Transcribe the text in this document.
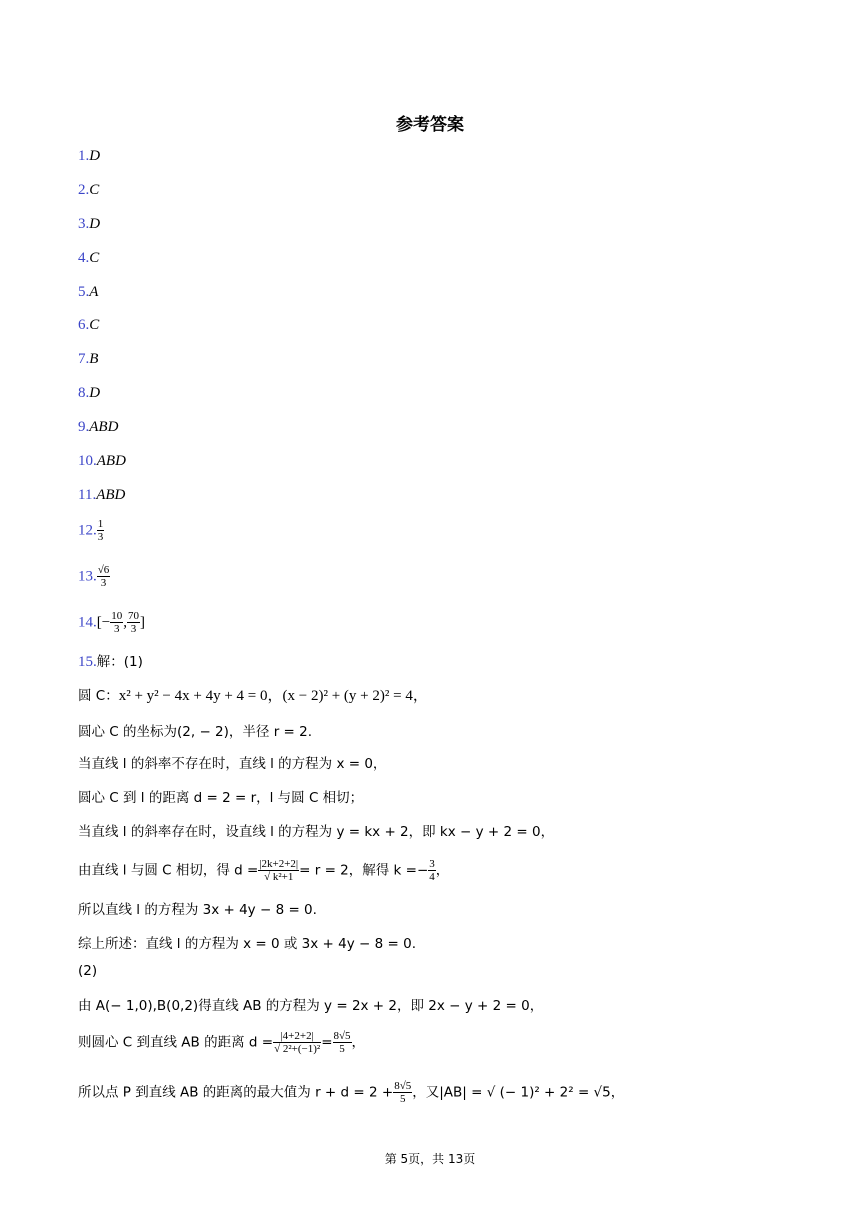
参考答案
1.D
2.C
3.D
4.C
5.A
6.C
7.B
8.D
9.ABD
10.ABD
11.ABD
12. $\frac{1}{3}$
13. $\frac{√6}{3}$
$14.[- \frac{10}{3}$ , $\frac{70}{3}$ ]
15.解：(1)
圆 C：x² + y² − 4x + 4y + 4 = 0，(x − 2)² + (y + 2)² = 4，
圆心 C 的坐标为(2, − 2)，半径 r = 2.
当直线 l 的斜率不存在时，直线 l 的方程为 x = 0，
圆心 C 到 l 的距离 d = 2 = r，l 与圆 C 相切；
当直线 l 的斜率存在时，设直线 l 的方程为 y = kx + 2，即 kx − y + 2 = 0，
由直线 l 与圆 C 相切，得 $d = \frac{|2k+2+2|}{\text{√ k²+1}} = r = 2$，解得 $k =- \frac{3}{4}$ ，
所以直线 l 的方程为 3x + 4y − 8 = 0.
综上所述：直线 l 的方程为 x = 0 或 3x + 4y − 8 = 0.
(2)
由 A(− 1,0),B(0,2)得直线 AB 的方程为 y = 2x + 2，即 2x − y + 2 = 0，
则圆心 C 到直线 AB 的距离 $d = \frac{|4+2+2|}{\text{√ 2²+(−1)²}} = \frac{8√5}{5}$ ，
所以点 P 到直线 AB 的距离的最大值为 $r + d = 2 + \frac{8√5}{5}$ ，又|AB| = √ (− 1)² + 2² = √5，
第 5页，共 13页
